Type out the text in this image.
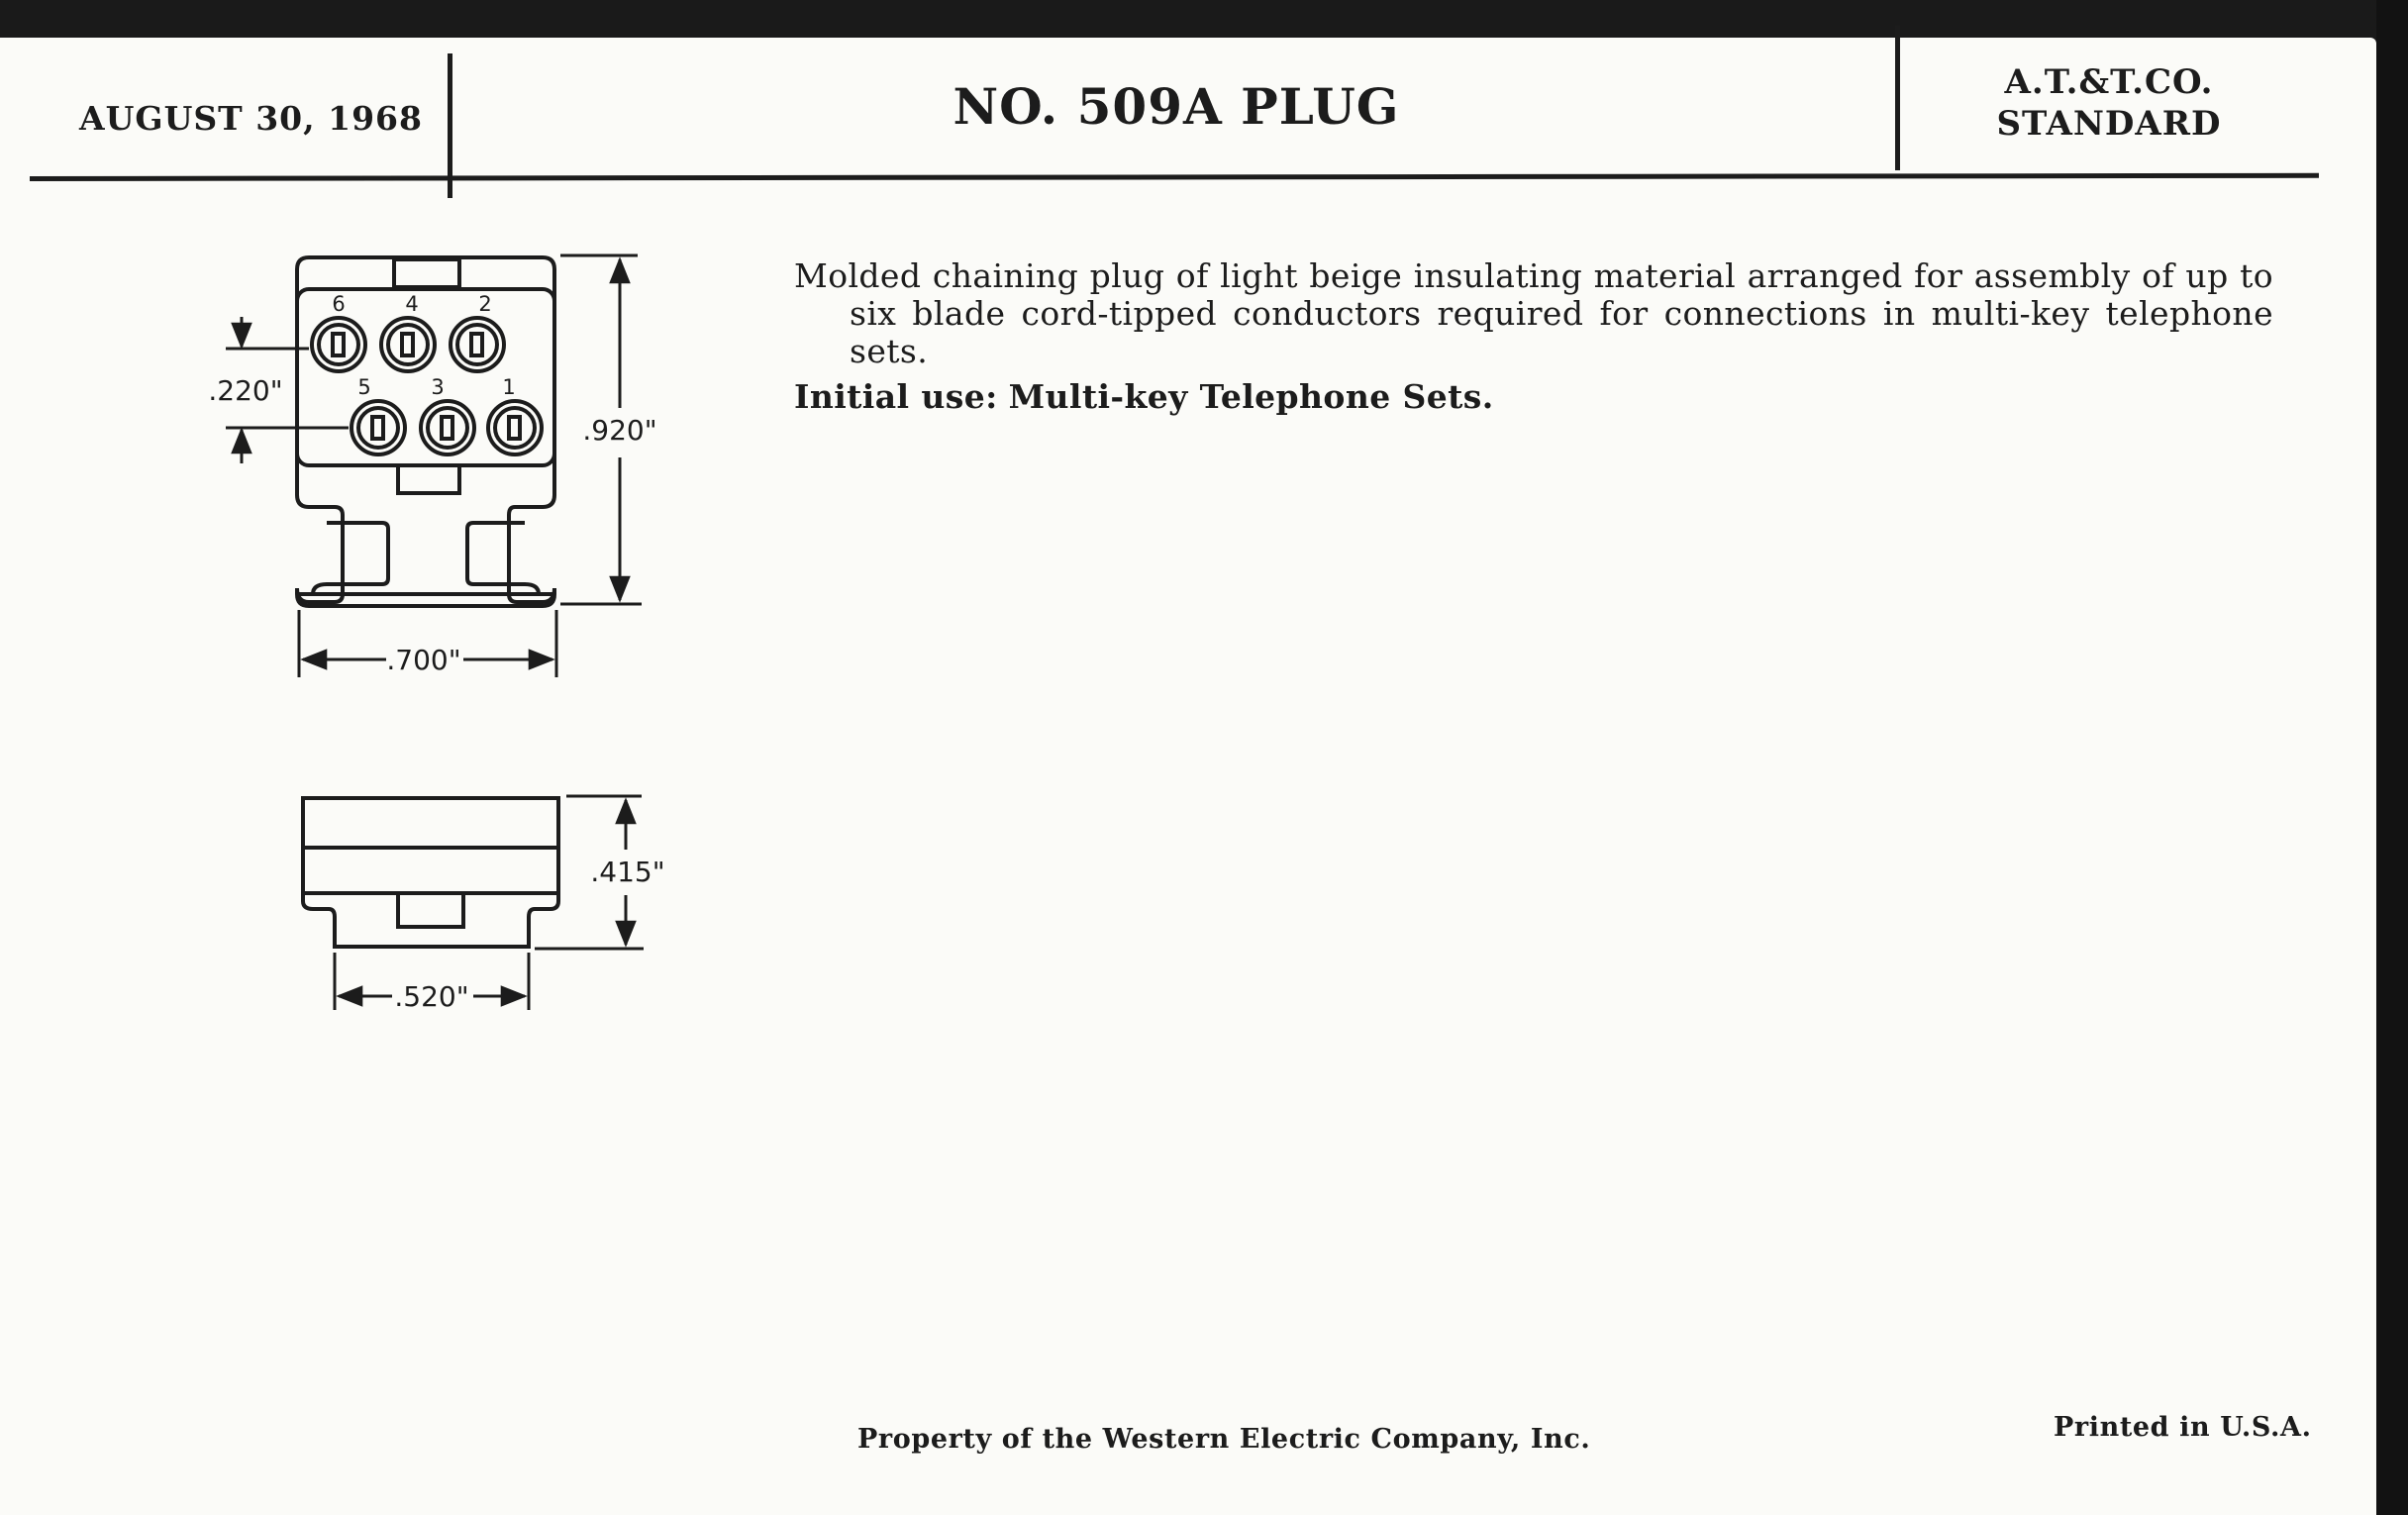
AUGUST 30, 1968	NO. 509A PLUG	A.T.&T.CO.
STANDARD

Molded chaining plug of light beige insulating material arranged for assembly of up to six blade cord-tipped conductors required for connections in multi-key telephone sets.

Initial use: Multi-key Telephone Sets.

Property of the Western Electric Company, Inc.	Printed in U.S.A.
6	4	2
5	3	1
.220"
.920"
.700"
.415"
.520"
